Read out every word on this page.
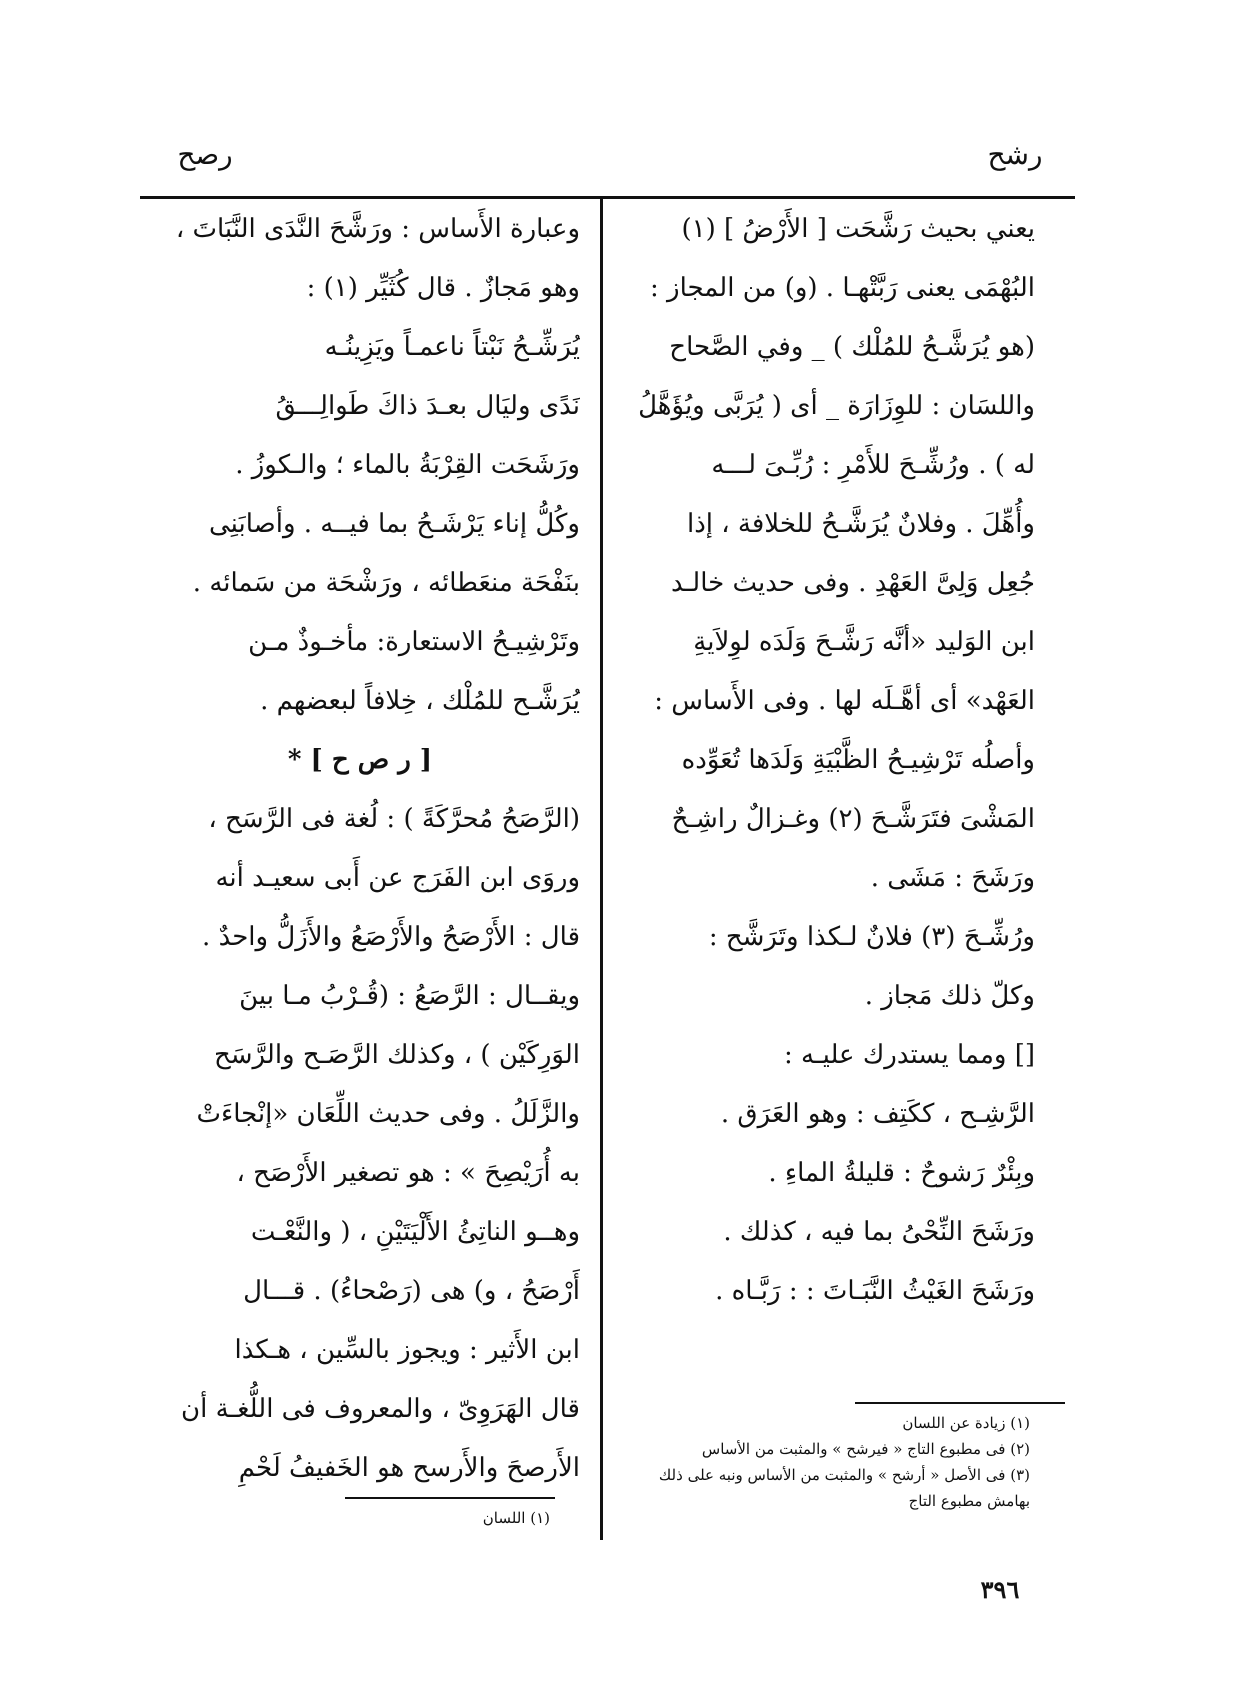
رشح
رصح
يعني بحيث رَشَّحَت [ الأَرْضُ ] (١)
البُهْمَى يعنى رَبَّتْهـا . (و) من المجاز :
(هو يُرَشَّـحُ للمُلْك ) _ وفي الصَّحاح
واللسَان : للوِزَارَة _ أى ( يُرَبَّى ويُؤَهَّلُ
له ) . ورُشِّـحَ للأَمْرِ : رُبِّـىَ لـــه
وأُهِّلَ . وفلانٌ يُرَشَّـحُ للخلافة ، إذا
جُعِل وَلِىَّ العَهْدِ . وفى حديث خالـد
ابن الوَليد «أنَّه رَشَّـحَ وَلَدَه لوِلاَيةِ
العَهْد» أى أهَّـلَه لها . وفى الأَساس :
وأصلُه تَرْشِيـحُ الظَّبْيَةِ وَلَدَها تُعَوِّده
المَشْىَ فتَرَشَّـحَ (٢) وغـزالٌ راشِـحٌ
ورَشَحَ : مَشَى .
ورُشِّـحَ (٣) فلانٌ لـكذا وتَرَشَّح :
وكلّ ذلك مَجاز .
[] ومما يستدرك عليـه :
الرَّشِـح ، ككَتِف : وهو العَرَق .
وبِئْرٌ رَشوحٌ : قليلةُ الماءِ .
ورَشَحَ النِّحْىُ بما فيه ، كذلك .
ورَشَحَ الغَيْثُ النَّبَـاتَ : : رَبَّـاه .
وعبارة الأَساس : ورَشَّحَ النَّدَى النَّبَاتَ ،
وهو مَجازٌ . قال كُثَيِّر (١) :
يُرَشِّـحُ نَبْتاً ناعمـاً ويَزِينُـه
نَدًى وليَال بعـدَ ذاكَ طَوالِـــقُ
ورَشَحَت القِرْبَةُ بالماء ؛ والـكوزُ .
وكُلُّ إناء يَرْشَـحُ بما فيــه . وأصابَنِى
بنَفْحَة منعَطائه ، ورَشْحَة من سَمائه .
وتَرْشِيـحُ الاستعارة: مأخـوذٌ مـن
يُرَشَّـح للمُلْك ، خِلافاً لبعضهم .
[ ر ص ح ] *
(الرَّصَحُ مُحرَّكَةً ) : لُغة فى الرَّسَح ،
وروَى ابن الفَرَج عن أَبى سعيـد أنه
قال : الأَرْصَحُ والأَرْصَعُ والأَزَلُّ واحدٌ .
ويقــال : الرَّصَعُ : (قُـرْبُ مـا بينَ
الوَرِكَيْن ) ، وكذلك الرَّصَـح والرَّسَح
والزَّلَلُ . وفى حديث اللِّعَان «إنْجاءَتْ
به أُرَيْصِحَ » : هو تصغير الأَرْصَح ،
وهــو الناتِئُ الأَلْيَتَيْنِ ، ( والنَّعْـت
أَرْصَحُ ، و) هى (رَصْحاءُ) . قـــال
ابن الأَثير : ويجوز بالسِّين ، هـكذا
قال الهَرَوِىّ ، والمعروف فى اللُّغـة أن
الأَرصحَ والأَرسح هو الخَفيفُ لَحْمِ
(١) زيادة عن اللسان
(٢) فى مطبوع التاج « فيرشح » والمثبت من الأساس
(٣) فى الأصل « أرشح » والمثبت من الأساس ونبه على ذلك
بهامش مطبوع التاج
(١) اللسان
٣٩٦
